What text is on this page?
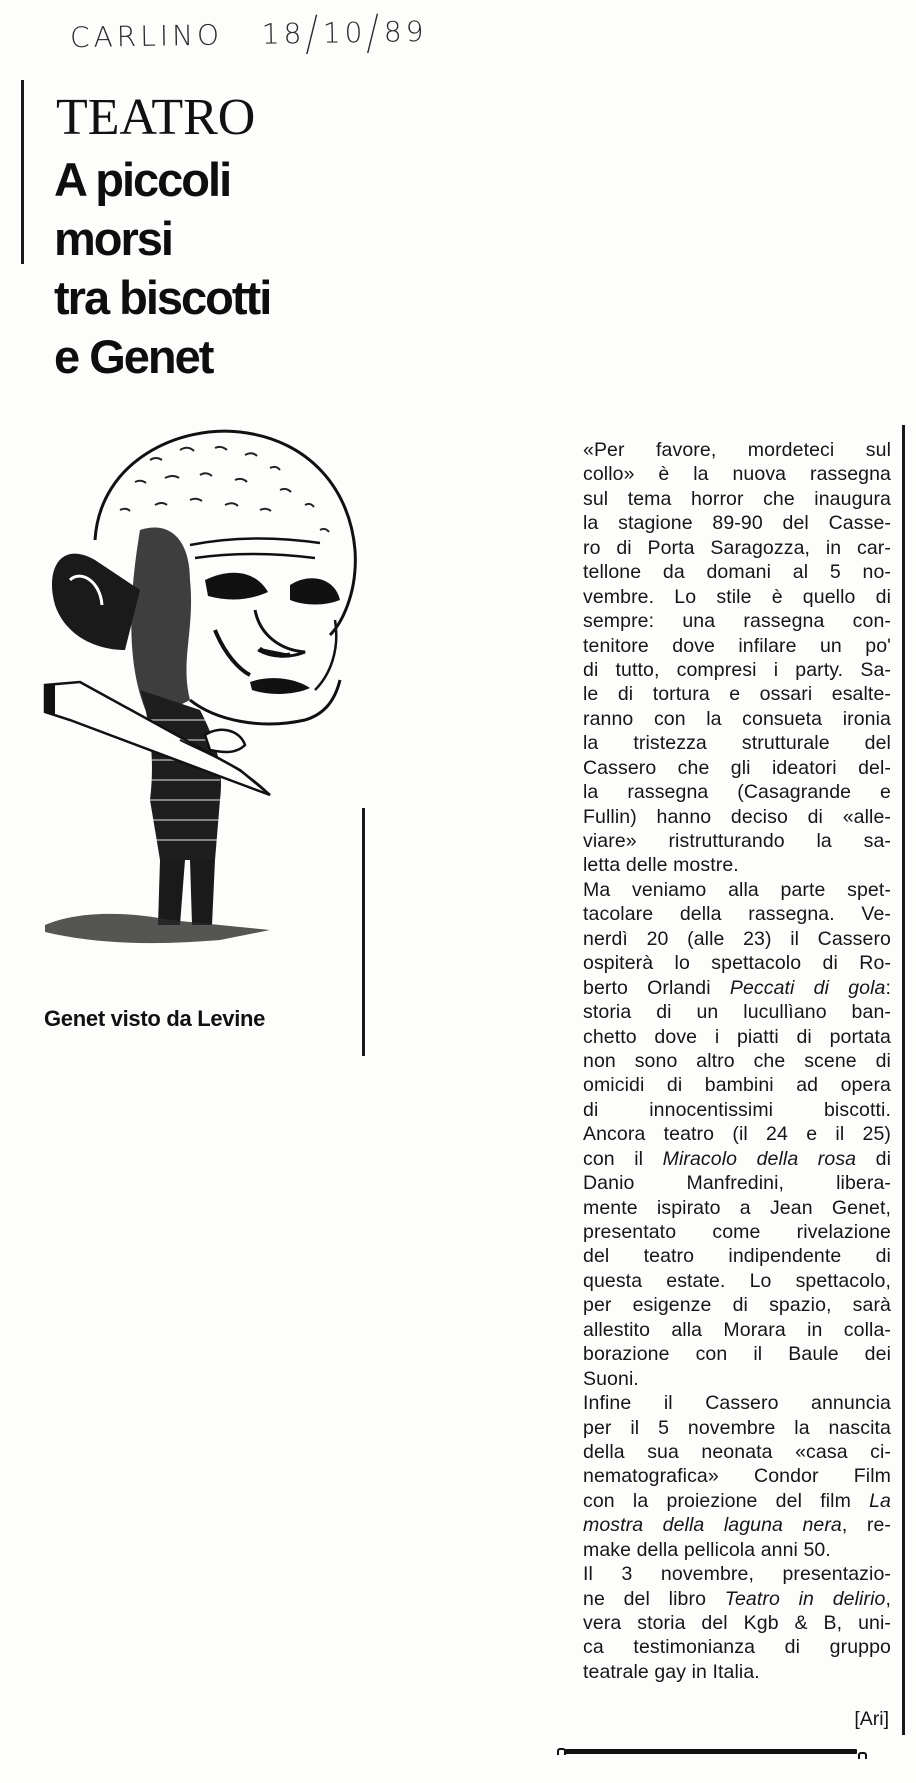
CARLINO 18/10/89
TEATRO
A piccoli
morsi
tra biscotti
e Genet
Genet visto da Levine
«Per favore, mordeteci sul
collo» è la nuova rassegna
sul tema horror che inaugura
la stagione 89-90 del Casse-
ro di Porta Saragozza, in car-
tellone da domani al 5 no-
vembre. Lo stile è quello di
sempre: una rassegna con-
tenitore dove infilare un po'
di tutto, compresi i party. Sa-
le di tortura e ossari esalte-
ranno con la consueta ironia
la tristezza strutturale del
Cassero che gli ideatori del-
la rassegna (Casagrande e
Fullin) hanno deciso di «alle-
viare» ristrutturando la sa-
letta delle mostre.
Ma veniamo alla parte spet-
tacolare della rassegna. Ve-
nerdì 20 (alle 23) il Cassero
ospiterà lo spettacolo di Ro-
berto Orlandi Peccati di gola:
storia di un lucullìano ban-
chetto dove i piatti di portata
non sono altro che scene di
omicidi di bambini ad opera
di innocentissimi biscotti.
Ancora teatro (il 24 e il 25)
con il Miracolo della rosa di
Danio Manfredini, libera-
mente ispirato a Jean Genet,
presentato come rivelazione
del teatro indipendente di
questa estate. Lo spettacolo,
per esigenze di spazio, sarà
allestito alla Morara in colla-
borazione con il Baule dei
Suoni.
Infine il Cassero annuncia
per il 5 novembre la nascita
della sua neonata «casa ci-
nematografica» Condor Film
con la proiezione del film La
mostra della laguna nera, re-
make della pellicola anni 50.
Il 3 novembre, presentazio-
ne del libro Teatro in delirio,
vera storia del Kgb & B, uni-
ca testimonianza di gruppo
teatrale gay in Italia.
[Ari]
